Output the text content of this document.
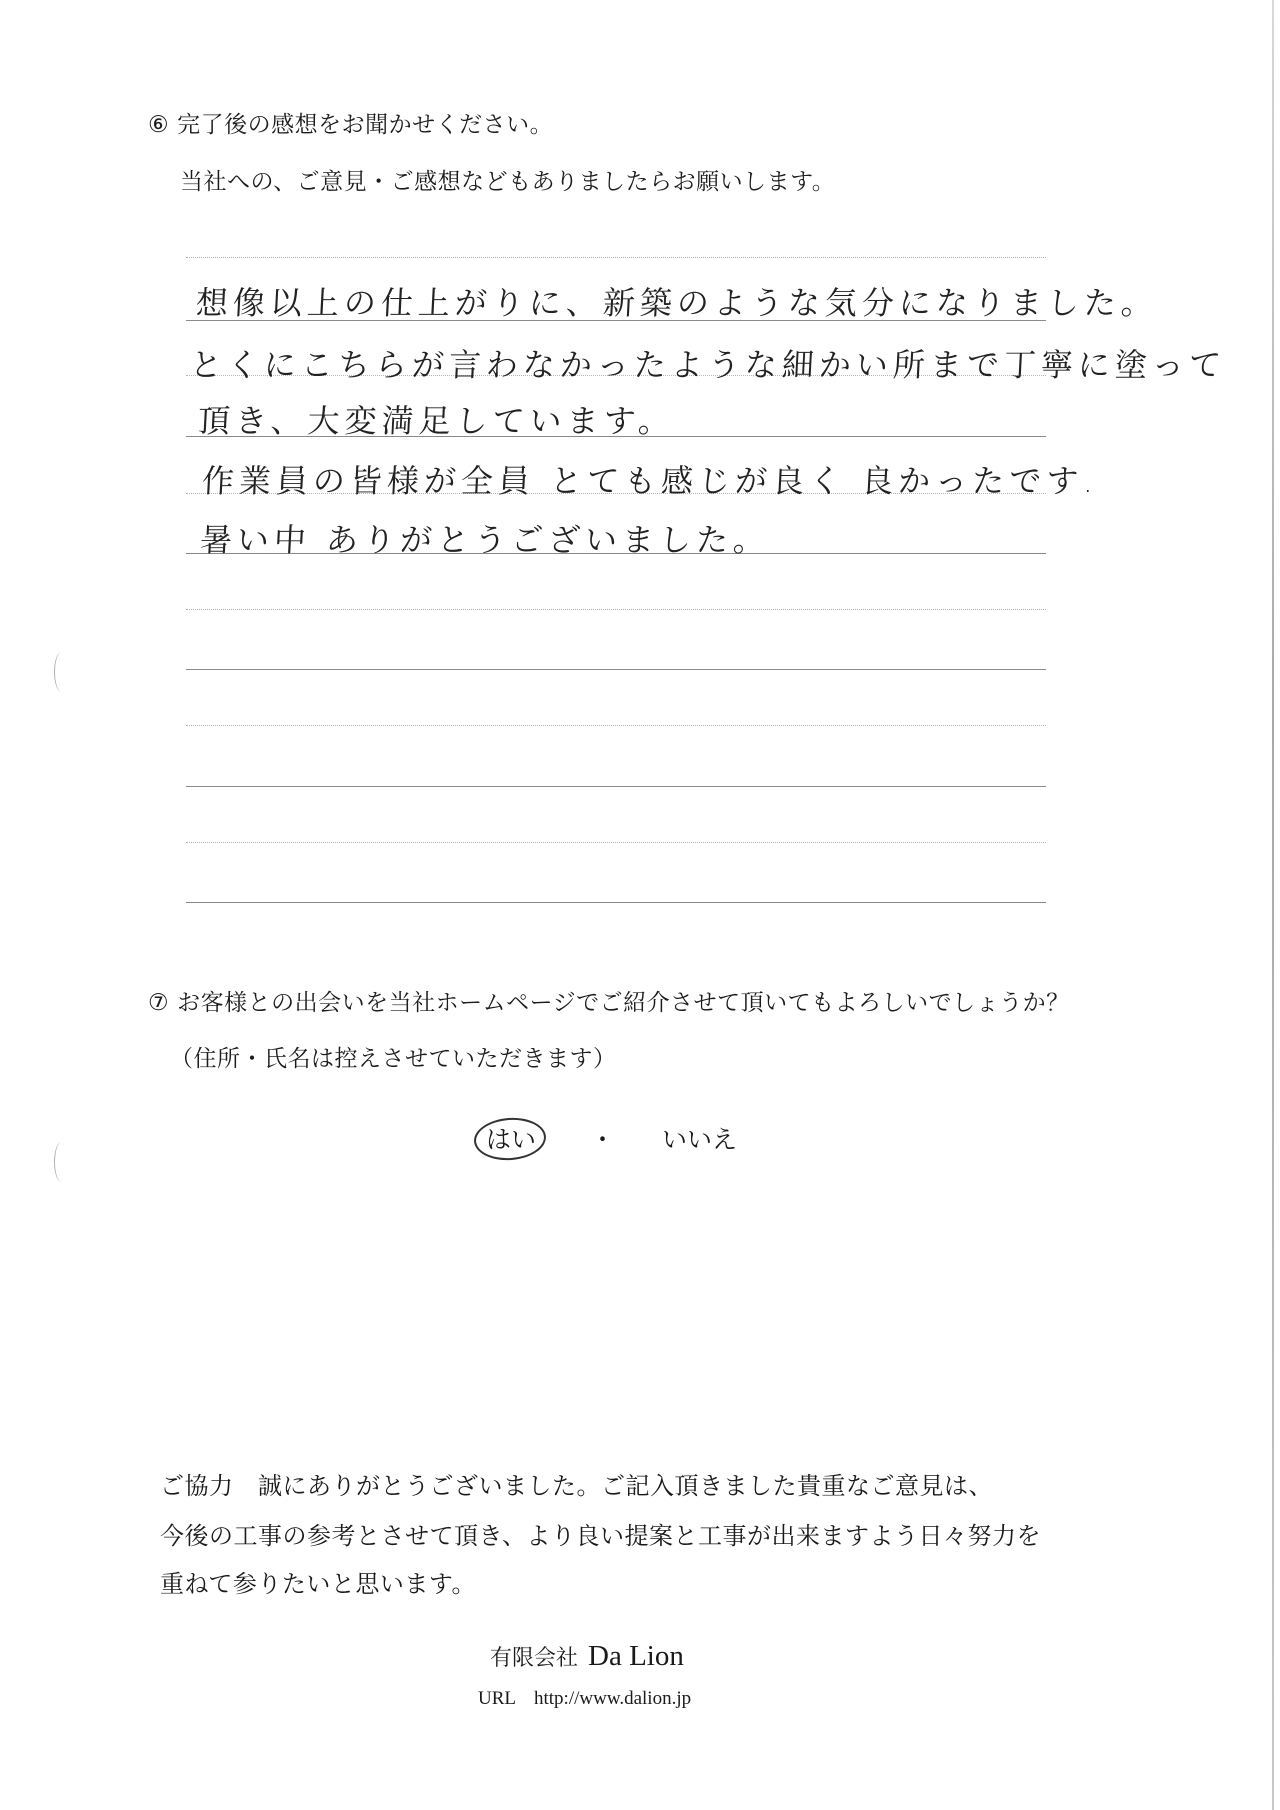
⑥ 完了後の感想をお聞かせください。
当社への、ご意見・ご感想などもありましたらお願いします。
想像以上の仕上がりに、新築のような気分になりました。
とくにこちらが言わなかったような細かい所まで丁寧に塗って
頂き、大変満足しています。
作業員の皆様が全員 とても感じが良く 良かったです.
暑い中 ありがとうございました。
⑦ お客様との出会いを当社ホームページでご紹介させて頂いてもよろしいでしょうか？
（住所・氏名は控えさせていただきます）
はい ・ いいえ
ご協力　誠にありがとうございました。ご記入頂きました貴重なご意見は、
今後の工事の参考とさせて頂き、より良い提案と工事が出来ますよう日々努力を
重ねて参りたいと思います。
有限会社 Da Lion
URL http://www.dalion.jp
